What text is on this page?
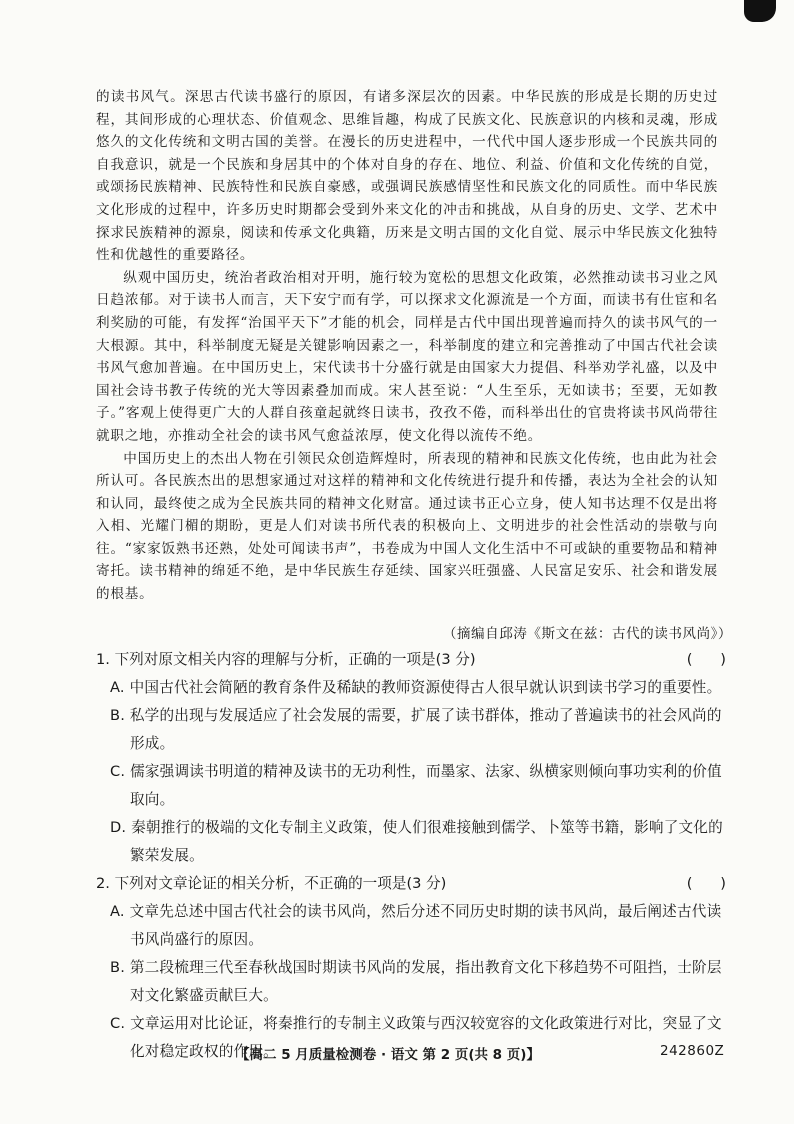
的读书风气。深思古代读书盛行的原因，有诸多深层次的因素。中华民族的形成是长期的历史过程，其间形成的心理状态、价值观念、思维旨趣，构成了民族文化、民族意识的内核和灵魂，形成悠久的文化传统和文明古国的美誉。在漫长的历史进程中，一代代中国人逐步形成一个民族共同的自我意识，就是一个民族和身居其中的个体对自身的存在、地位、利益、价值和文化传统的自觉，或颂扬民族精神、民族特性和民族自豪感，或强调民族感情坚性和民族文化的同质性。而中华民族文化形成的过程中，许多历史时期都会受到外来文化的冲击和挑战，从自身的历史、文学、艺术中探求民族精神的源泉，阅读和传承文化典籍，历来是文明古国的文化自觉、展示中华民族文化独特性和优越性的重要路径。

纵观中国历史，统治者政治相对开明，施行较为宽松的思想文化政策，必然推动读书习业之风日趋浓郁。对于读书人而言，天下安宁而有学，可以探求文化源流是一个方面，而读书有仕宦和名利奖励的可能，有发挥“治国平天下”才能的机会，同样是古代中国出现普遍而持久的读书风气的一大根源。其中，科举制度无疑是关键影响因素之一，科举制度的建立和完善推动了中国古代社会读书风气愈加普遍。在中国历史上，宋代读书十分盛行就是由国家大力提倡、科举劝学礼盛，以及中国社会诗书教子传统的光大等因素叠加而成。宋人甚至说：“人生至乐，无如读书；至要，无如教子。”客观上使得更广大的人群自孩童起就终日读书，孜孜不倦，而科举出仕的官贵将读书风尚带往就职之地，亦推动全社会的读书风气愈益浓厚，使文化得以流传不绝。

中国历史上的杰出人物在引领民众创造辉煌时，所表现的精神和民族文化传统，也由此为社会所认可。各民族杰出的思想家通过对这样的精神和文化传统进行提升和传播，表达为全社会的认知和认同，最终使之成为全民族共同的精神文化财富。通过读书正心立身，使人知书达理不仅是出将入相、光耀门楣的期盼，更是人们对读书所代表的积极向上、文明进步的社会性活动的崇敬与向往。“家家饭熟书还熟，处处可闻读书声”，书卷成为中国人文化生活中不可或缺的重要物品和精神寄托。读书精神的绵延不绝，是中华民族生存延续、国家兴旺强盛、人民富足安乐、社会和谐发展的根基。

（摘编自邱涛《斯文在兹：古代的读书风尚》）
1. 下列对原文相关内容的理解与分析，正确的一项是(3 分)	(      )
A. 中国古代社会简陋的教育条件及稀缺的教师资源使得古人很早就认识到读书学习的重要性。
B. 私学的出现与发展适应了社会发展的需要，扩展了读书群体，推动了普遍读书的社会风尚的形成。
C. 儒家强调读书明道的精神及读书的无功利性，而墨家、法家、纵横家则倾向事功实利的价值取向。
D. 秦朝推行的极端的文化专制主义政策，使人们很难接触到儒学、卜筮等书籍，影响了文化的繁荣发展。
2. 下列对文章论证的相关分析，不正确的一项是(3 分)	(      )
A. 文章先总述中国古代社会的读书风尚，然后分述不同历史时期的读书风尚，最后阐述古代读书风尚盛行的原因。
B. 第二段梳理三代至春秋战国时期读书风尚的发展，指出教育文化下移趋势不可阻挡，士阶层对文化繁盛贡献巨大。
C. 文章运用对比论证，将秦推行的专制主义政策与西汉较宽容的文化政策进行对比，突显了文化对稳定政权的作用。
【高二 5 月质量检测卷 · 语文 第 2 页(共 8 页)】	242860Z
